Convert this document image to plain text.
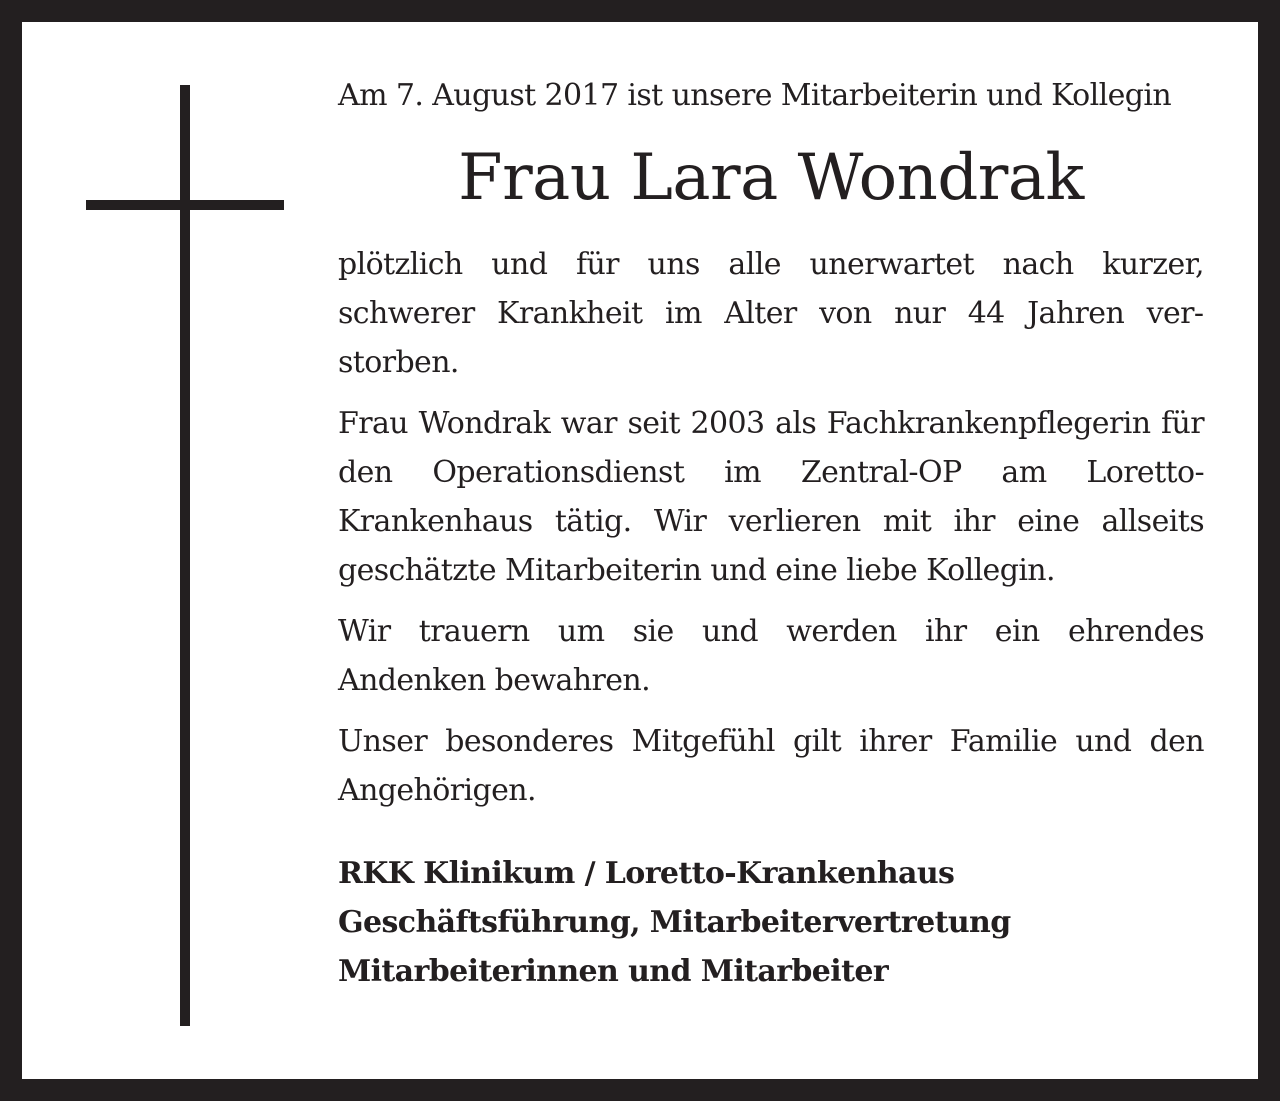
Am 7. August 2017 ist unsere Mitarbeiterin und Kollegin

Frau Lara Wondrak

plötzlich und für uns alle unerwartet nach kurzer, schwerer Krankheit im Alter von nur 44 Jahren verstorben.

Frau Wondrak war seit 2003 als Fachkrankenpflegerin für den Operationsdienst im Zentral-OP am Loretto-Krankenhaus tätig. Wir verlieren mit ihr eine allseits geschätzte Mitarbeiterin und eine liebe Kollegin.

Wir trauern um sie und werden ihr ein ehrendes Andenken bewahren.

Unser besonderes Mitgefühl gilt ihrer Familie und den Angehörigen.

RKK Klinikum / Loretto-Krankenhaus
Geschäftsführung, Mitarbeitervertretung
Mitarbeiterinnen und Mitarbeiter
